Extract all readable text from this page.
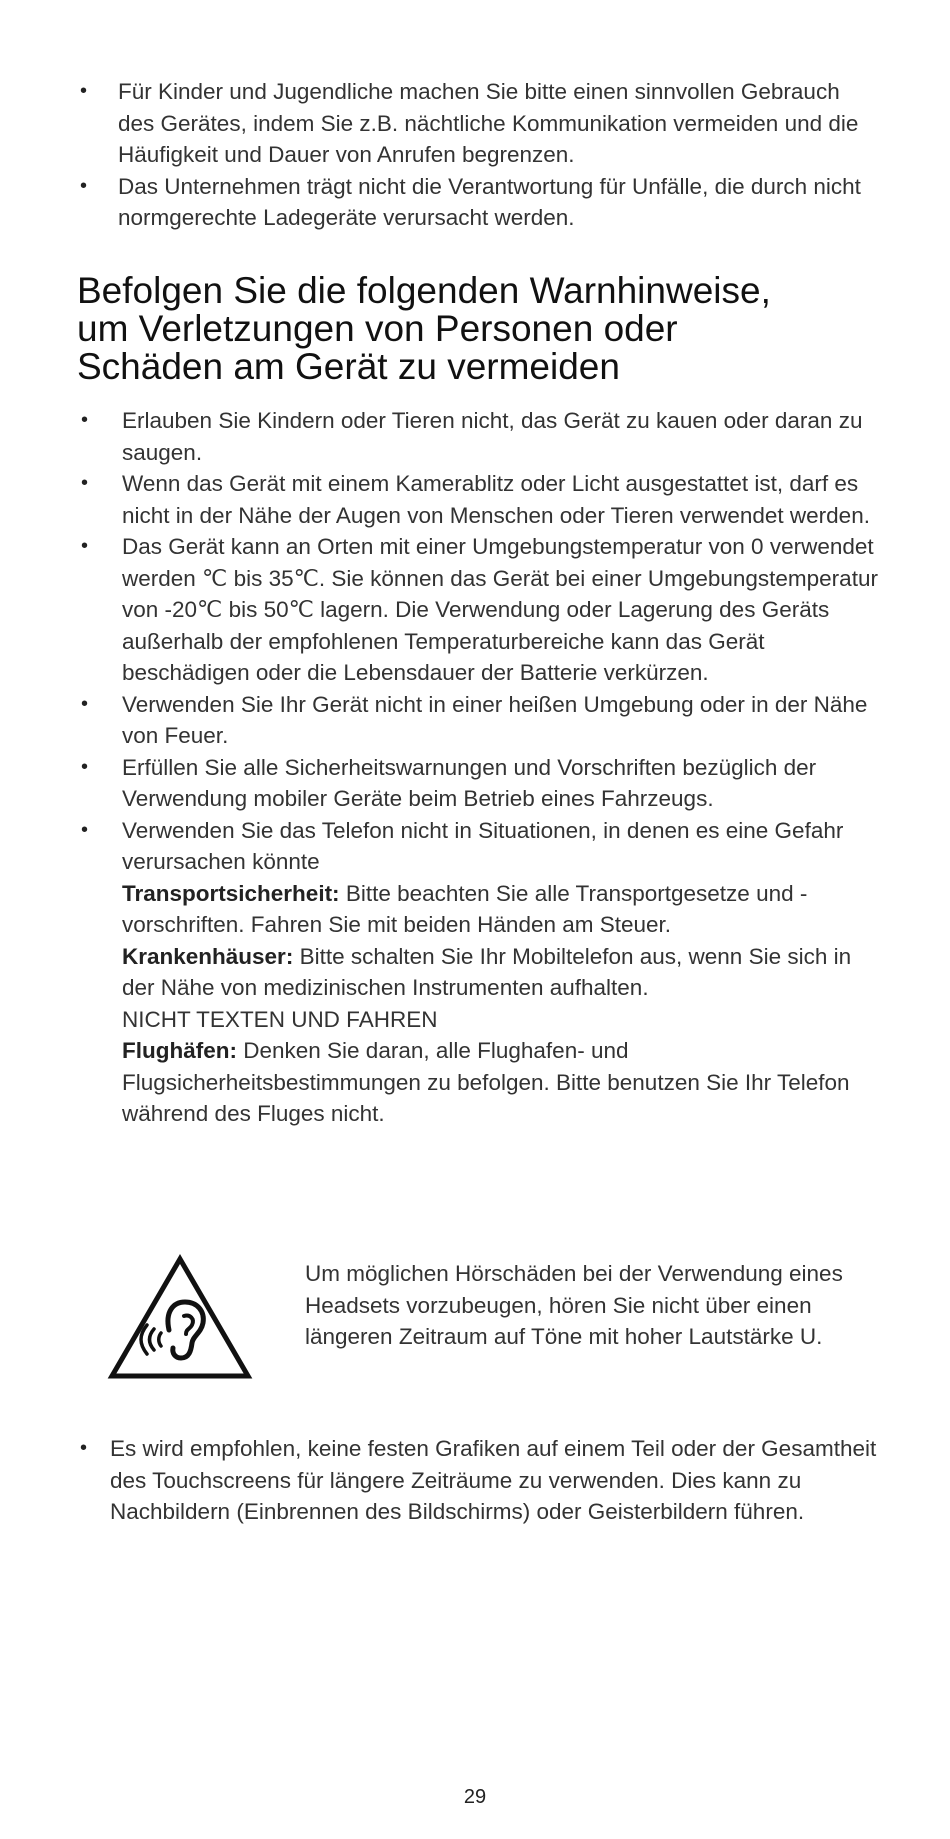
• Für Kinder und Jugendliche machen Sie bitte einen sinnvollen Gebrauch des Gerätes, indem Sie z.B. nächtliche Kommunikation vermeiden und die Häufigkeit und Dauer von Anrufen begrenzen.
• Das Unternehmen trägt nicht die Verantwortung für Unfälle, die durch nicht normgerechte Ladegeräte verursacht werden.
Befolgen Sie die folgenden Warnhinweise,
um Verletzungen von Personen oder
Schäden am Gerät zu vermeiden
• Erlauben Sie Kindern oder Tieren nicht, das Gerät zu kauen oder daran zu saugen.
• Wenn das Gerät mit einem Kamerablitz oder Licht ausgestattet ist, darf es nicht in der Nähe der Augen von Menschen oder Tieren verwendet werden.
• Das Gerät kann an Orten mit einer Umgebungstemperatur von 0 verwendet werden ℃ bis 35℃. Sie können das Gerät bei einer Umgebungstemperatur von -20℃ bis 50℃ lagern. Die Verwendung oder Lagerung des Geräts außerhalb der empfohlenen Temperaturbereiche kann das Gerät beschädigen oder die Lebensdauer der Batterie verkürzen.
• Verwenden Sie Ihr Gerät nicht in einer heißen Umgebung oder in der Nähe von Feuer.
• Erfüllen Sie alle Sicherheitswarnungen und Vorschriften bezüglich der Verwendung mobiler Geräte beim Betrieb eines Fahrzeugs.
• Verwenden Sie das Telefon nicht in Situationen, in denen es eine Gefahr verursachen könnte
Transportsicherheit: Bitte beachten Sie alle Transportgesetze und -vorschriften. Fahren Sie mit beiden Händen am Steuer.
Krankenhäuser: Bitte schalten Sie Ihr Mobiltelefon aus, wenn Sie sich in der Nähe von medizinischen Instrumenten aufhalten.
NICHT TEXTEN UND FAHREN
Flughäfen: Denken Sie daran, alle Flughafen- und Flugsicherheitsbestimmungen zu befolgen. Bitte benutzen Sie Ihr Telefon während des Fluges nicht.

Um möglichen Hörschäden bei der Verwendung eines Headsets vorzubeugen, hören Sie nicht über einen längeren Zeitraum auf Töne mit hoher Lautstärke U.

• Es wird empfohlen, keine festen Grafiken auf einem Teil oder der Gesamtheit des Touchscreens für längere Zeiträume zu verwenden. Dies kann zu Nachbildern (Einbrennen des Bildschirms) oder Geisterbildern führen.
29
